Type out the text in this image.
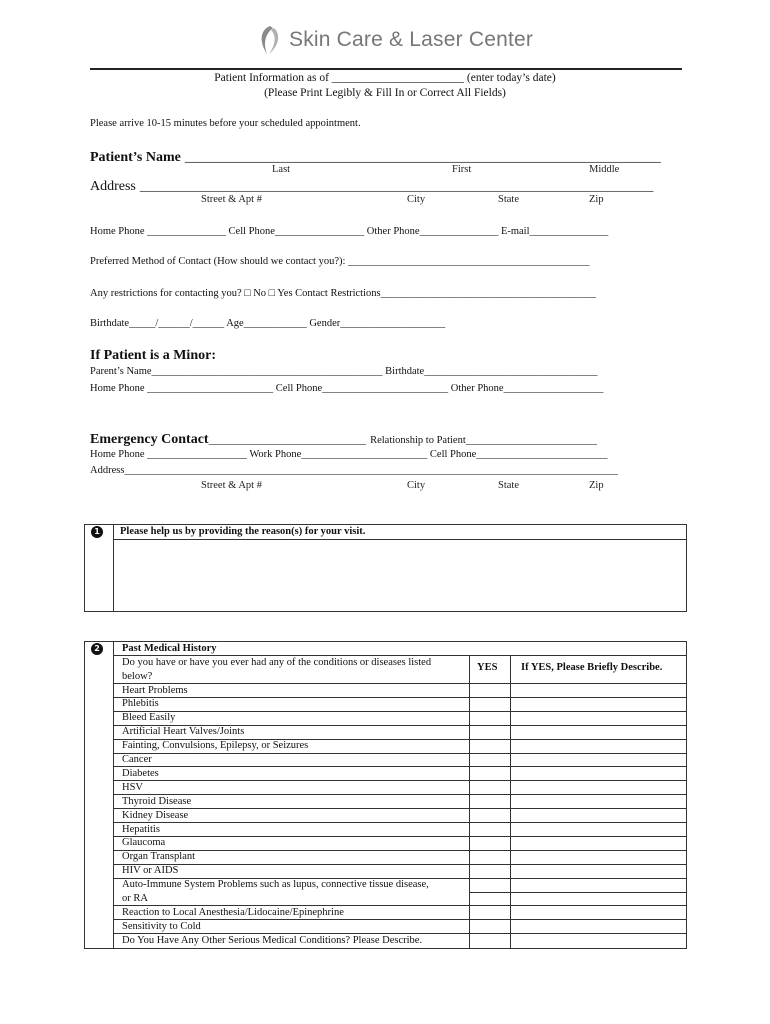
Skin Care & Laser Center
Patient Information as of _______________________ (enter today’s date)
(Please Print Legibly & Fill In or Correct All Fields)
Please arrive 10-15 minutes before your scheduled appointment.
Patient’s Name ____________________________________________________________________
Last	First	Middle
Address _______________________________________________________________________________
Street & Apt #	City	State	Zip
Home Phone _______________ Cell Phone_________________ Other Phone_______________ E-mail_______________
Preferred Method of Contact (How should we contact you?): ______________________________________________
Any restrictions for contacting you? □ No □ Yes Contact Restrictions_________________________________________
Birthdate_____/______/______ Age____________ Gender____________________
If Patient is a Minor:
Parent’s Name____________________________________________ Birthdate_________________________________
Home Phone ________________________ Cell Phone________________________ Other Phone___________________
Emergency Contact______________________________ Relationship to Patient_________________________
Home Phone ___________________ Work Phone________________________ Cell Phone_________________________
Address______________________________________________________________________________________________
Street & Apt #	City	State	Zip
1	Please help us by providing the reason(s) for your visit.
2	Past Medical History
Do you have or have you ever had any of the conditions or diseases listed
below?
YES If YES, Please Briefly Describe.
Heart Problems
Phlebitis
Bleed Easily
Artificial Heart Valves/Joints
Fainting, Convulsions, Epilepsy, or Seizures
Cancer
Diabetes
HSV
Thyroid Disease
Kidney Disease
Hepatitis
Glaucoma
Organ Transplant
HIV or AIDS
Auto-Immune System Problems such as lupus, connective tissue disease,
or RA
Reaction to Local Anesthesia/Lidocaine/Epinephrine
Sensitivity to Cold
Do You Have Any Other Serious Medical Conditions? Please Describe.
